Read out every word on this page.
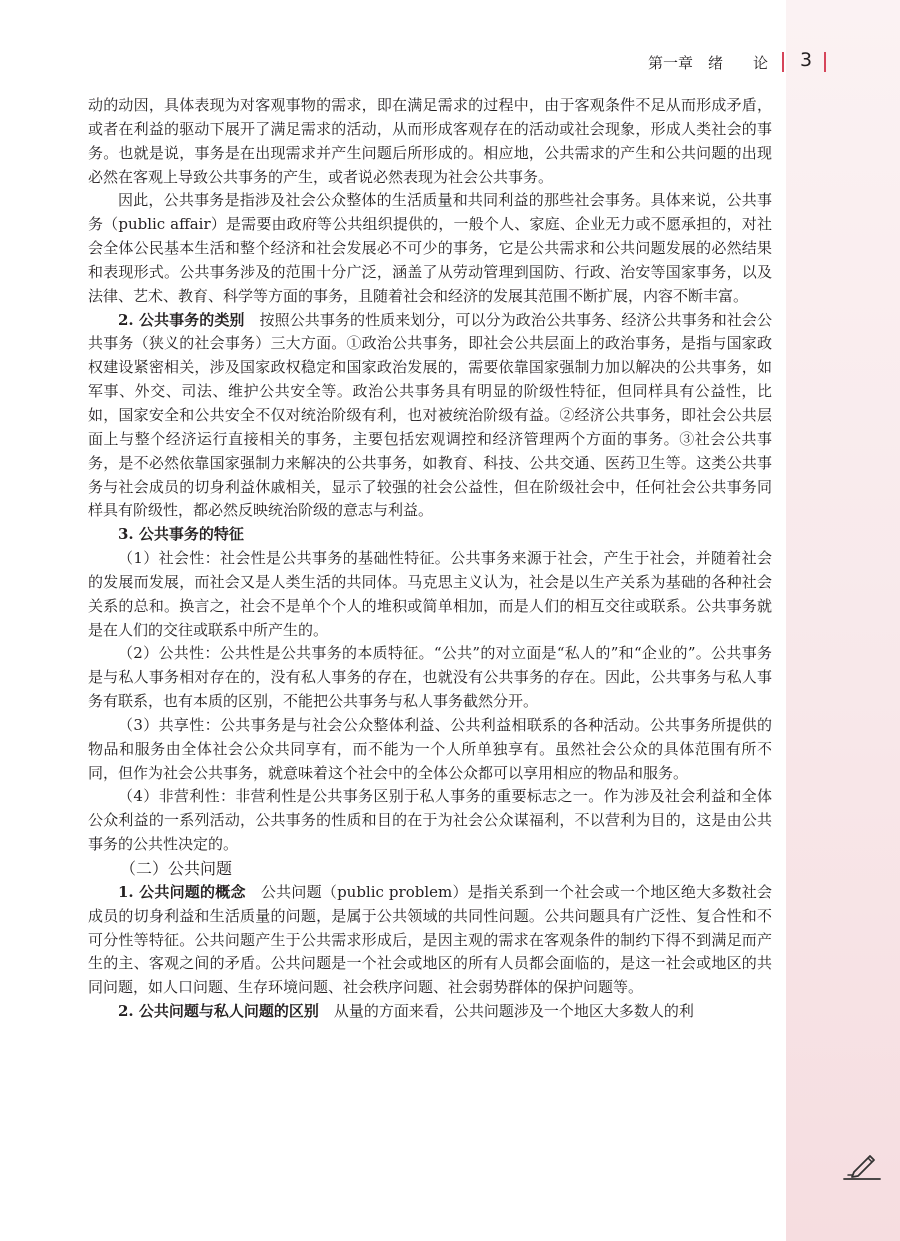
第一章　绪　　论	3

动的动因，具体表现为对客观事物的需求，即在满足需求的过程中，由于客观条件不足从而形成矛盾，或者在利益的驱动下展开了满足需求的活动，从而形成客观存在的活动或社会现象，形成人类社会的事务。也就是说，事务是在出现需求并产生问题后所形成的。相应地，公共需求的产生和公共问题的出现必然在客观上导致公共事务的产生，或者说必然表现为社会公共事务。

因此，公共事务是指涉及社会公众整体的生活质量和共同利益的那些社会事务。具体来说，公共事务（public affair）是需要由政府等公共组织提供的，一般个人、家庭、企业无力或不愿承担的，对社会全体公民基本生活和整个经济和社会发展必不可少的事务，它是公共需求和公共问题发展的必然结果和表现形式。公共事务涉及的范围十分广泛，涵盖了从劳动管理到国防、行政、治安等国家事务，以及法律、艺术、教育、科学等方面的事务，且随着社会和经济的发展其范围不断扩展，内容不断丰富。

2. 公共事务的类别　按照公共事务的性质来划分，可以分为政治公共事务、经济公共事务和社会公共事务（狭义的社会事务）三大方面。①政治公共事务，即社会公共层面上的政治事务，是指与国家政权建设紧密相关，涉及国家政权稳定和国家政治发展的，需要依靠国家强制力加以解决的公共事务，如军事、外交、司法、维护公共安全等。政治公共事务具有明显的阶级性特征，但同样具有公益性，比如，国家安全和公共安全不仅对统治阶级有利，也对被统治阶级有益。②经济公共事务，即社会公共层面上与整个经济运行直接相关的事务，主要包括宏观调控和经济管理两个方面的事务。③社会公共事务，是不必然依靠国家强制力来解决的公共事务，如教育、科技、公共交通、医药卫生等。这类公共事务与社会成员的切身利益休戚相关，显示了较强的社会公益性，但在阶级社会中，任何社会公共事务同样具有阶级性，都必然反映统治阶级的意志与利益。

3. 公共事务的特征

（1）社会性：社会性是公共事务的基础性特征。公共事务来源于社会，产生于社会，并随着社会的发展而发展，而社会又是人类生活的共同体。马克思主义认为，社会是以生产关系为基础的各种社会关系的总和。换言之，社会不是单个个人的堆积或简单相加，而是人们的相互交往或联系。公共事务就是在人们的交往或联系中所产生的。

（2）公共性：公共性是公共事务的本质特征。“公共”的对立面是“私人的”和“企业的”。公共事务是与私人事务相对存在的，没有私人事务的存在，也就没有公共事务的存在。因此，公共事务与私人事务有联系，也有本质的区别，不能把公共事务与私人事务截然分开。

（3）共享性：公共事务是与社会公众整体利益、公共利益相联系的各种活动。公共事务所提供的物品和服务由全体社会公众共同享有，而不能为一个人所单独享有。虽然社会公众的具体范围有所不同，但作为社会公共事务，就意味着这个社会中的全体公众都可以享用相应的物品和服务。

（4）非营利性：非营利性是公共事务区别于私人事务的重要标志之一。作为涉及社会利益和全体公众利益的一系列活动，公共事务的性质和目的在于为社会公众谋福利，不以营利为目的，这是由公共事务的公共性决定的。

（二）公共问题

1. 公共问题的概念　公共问题（public problem）是指关系到一个社会或一个地区绝大多数社会成员的切身利益和生活质量的问题，是属于公共领域的共同性问题。公共问题具有广泛性、复合性和不可分性等特征。公共问题产生于公共需求形成后，是因主观的需求在客观条件的制约下得不到满足而产生的主、客观之间的矛盾。公共问题是一个社会或地区的所有人员都会面临的，是这一社会或地区的共同问题，如人口问题、生存环境问题、社会秩序问题、社会弱势群体的保护问题等。

2. 公共问题与私人问题的区别　从量的方面来看，公共问题涉及一个地区大多数人的利
